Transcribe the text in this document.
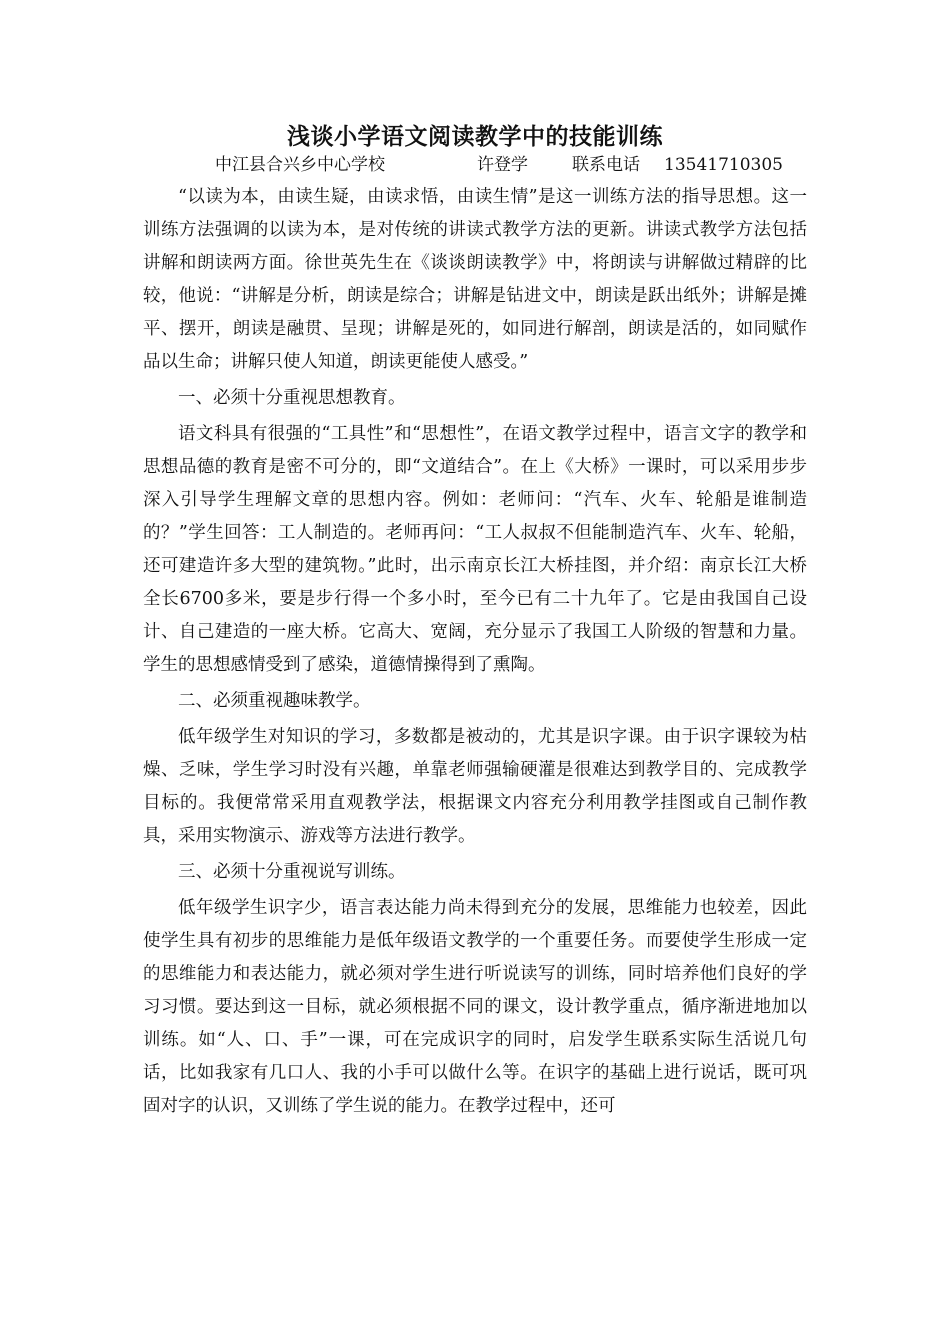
浅谈小学语文阅读教学中的技能训练
中江县合兴乡中心学校	许登学	联系电话 13541710305

“以读为本，由读生疑，由读求悟，由读生情”是这一训练方法的指导思想。这一训练方法强调的以读为本，是对传统的讲读式教学方法的更新。讲读式教学方法包括讲解和朗读两方面。徐世英先生在《谈谈朗读教学》中，将朗读与讲解做过精辟的比较，他说：“讲解是分析，朗读是综合；讲解是钻进文中，朗读是跃出纸外；讲解是摊平、摆开，朗读是融贯、呈现；讲解是死的，如同进行解剖，朗读是活的，如同赋作品以生命；讲解只使人知道，朗读更能使人感受。”

一、必须十分重视思想教育。

语文科具有很强的“工具性”和“思想性”，在语文教学过程中，语言文字的教学和思想品德的教育是密不可分的，即“文道结合”。在上《大桥》一课时，可以采用步步深入引导学生理解文章的思想内容。例如：老师问：“汽车、火车、轮船是谁制造的？”学生回答：工人制造的。老师再问：“工人叔叔不但能制造汽车、火车、轮船，还可建造许多大型的建筑物。”此时，出示南京长江大桥挂图，并介绍：南京长江大桥全长6700多米，要是步行得一个多小时，至今已有二十九年了。它是由我国自己设计、自己建造的一座大桥。它高大、宽阔，充分显示了我国工人阶级的智慧和力量。学生的思想感情受到了感染，道德情操得到了熏陶。

二、必须重视趣味教学。

低年级学生对知识的学习，多数都是被动的，尤其是识字课。由于识字课较为枯燥、乏味，学生学习时没有兴趣，单靠老师强输硬灌是很难达到教学目的、完成教学目标的。我便常常采用直观教学法，根据课文内容充分利用教学挂图或自己制作教具，采用实物演示、游戏等方法进行教学。

三、必须十分重视说写训练。

低年级学生识字少，语言表达能力尚未得到充分的发展，思维能力也较差，因此使学生具有初步的思维能力是低年级语文教学的一个重要任务。而要使学生形成一定的思维能力和表达能力，就必须对学生进行听说读写的训练，同时培养他们良好的学习习惯。要达到这一目标，就必须根据不同的课文，设计教学重点，循序渐进地加以训练。如“人、口、手”一课，可在完成识字的同时，启发学生联系实际生活说几句话，比如我家有几口人、我的小手可以做什么等。在识字的基础上进行说话，既可巩固对字的认识，又训练了学生说的能力。在教学过程中，还可
